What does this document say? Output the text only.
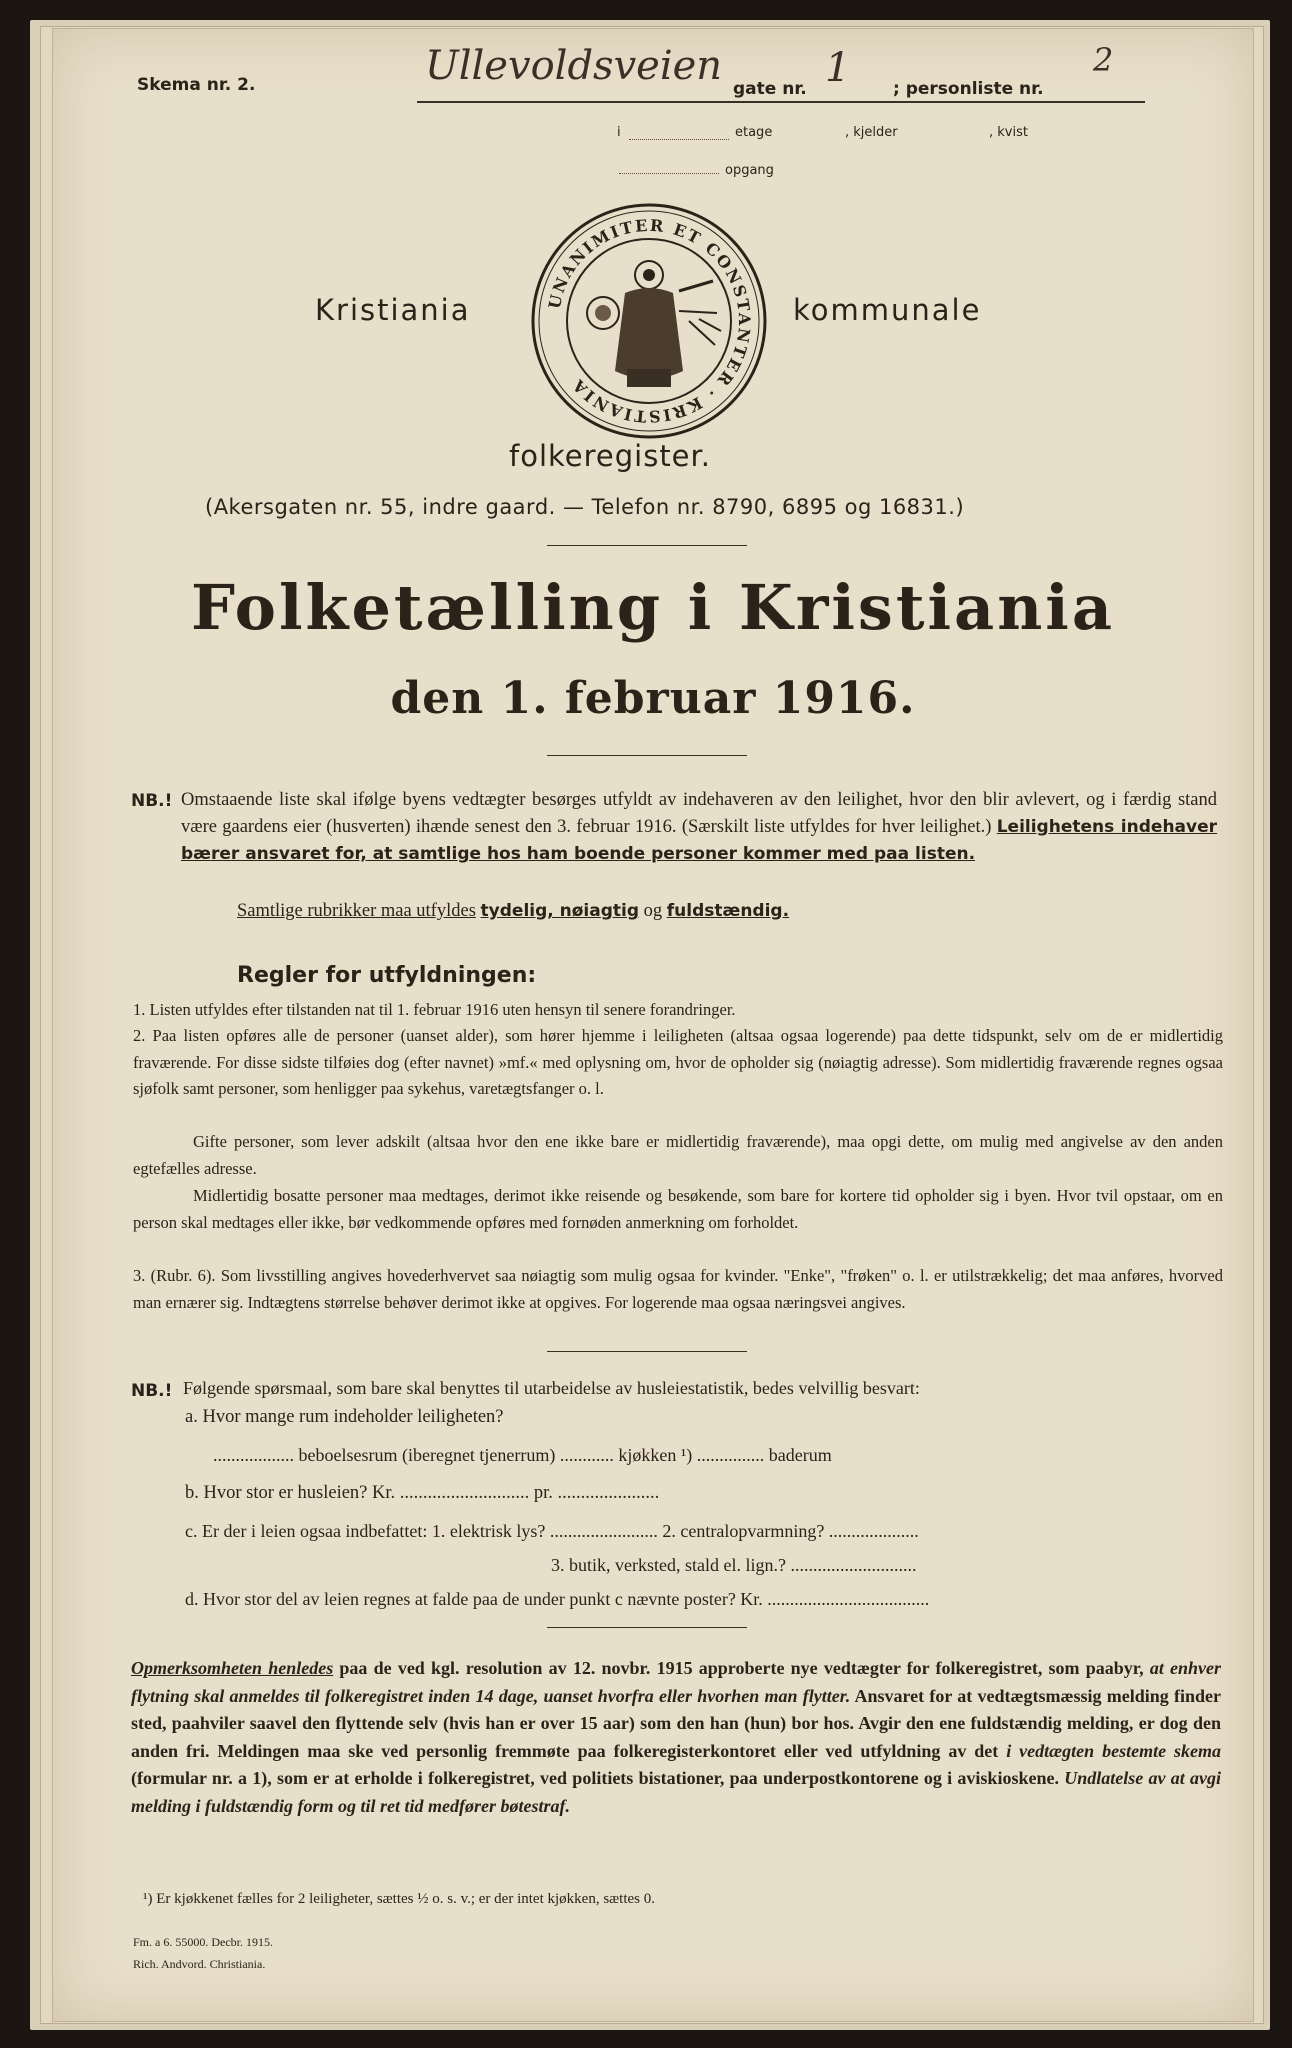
Skema nr. 2.	Ullevoldsveien gate nr. 1	; personliste nr.
2
i	etage	, kjelder	, kvist
opgang
Kristiania	kommunale
UNANIMITER ET CONSTANTER · KRISTIANIA
folkeregister.
(Akersgaten nr. 55, indre gaard. — Telefon nr. 8790, 6895 og 16831.)
Folketælling i Kristiania
den 1. februar 1916.
NB.! Omstaaende liste skal ifølge byens vedtægter besørges utfyldt av indehaveren av den leilighet, hvor den blir avlevert, og i færdig stand være gaardens eier (husverten) ihænde senest den 3. februar 1916. (Særskilt liste utfyldes for hver leilighet.) Leilighetens indehaver bærer ansvaret for, at samtlige hos ham boende personer kommer med paa listen.
Samtlige rubrikker maa utfyldes tydelig, nøiagtig og fuldstændig.
Regler for utfyldningen:
1. Listen utfyldes efter tilstanden nat til 1. februar 1916 uten hensyn til senere forandringer.
2. Paa listen opføres alle de personer (uanset alder), som hører hjemme i leiligheten (altsaa ogsaa logerende) paa dette tidspunkt, selv om de er midlertidig fraværende. For disse sidste tilføies dog (efter navnet) »mf.« med oplysning om, hvor de opholder sig (nøiagtig adresse). Som midlertidig fraværende regnes ogsaa sjøfolk samt personer, som henligger paa sykehus, varetægtsfanger o. l.
Gifte personer, som lever adskilt (altsaa hvor den ene ikke bare er midlertidig fraværende), maa opgi dette, om mulig med angivelse av den anden egtefælles adresse.
Midlertidig bosatte personer maa medtages, derimot ikke reisende og besøkende, som bare for kortere tid opholder sig i byen. Hvor tvil opstaar, om en person skal medtages eller ikke, bør vedkommende opføres med fornøden anmerkning om forholdet.
3. (Rubr. 6). Som livsstilling angives hovederhvervet saa nøiagtig som mulig ogsaa for kvinder. "Enke", "frøken" o. l. er utilstrækkelig; det maa anføres, hvorved man ernærer sig. Indtægtens størrelse behøver derimot ikke at opgives. For logerende maa ogsaa næringsvei angives.
NB.! Følgende spørsmaal, som bare skal benyttes til utarbeidelse av husleiestatistik, bedes velvillig besvart:
a. Hvor mange rum indeholder leiligheten?
.................. beboelsesrum (iberegnet tjenerrum) ............ kjøkken ¹) ............... baderum
b. Hvor stor er husleien? Kr. ............................ pr. ......................
c. Er der i leien ogsaa indbefattet: 1. elektrisk lys? ........................ 2. centralopvarmning? ....................
3. butik, verksted, stald el. lign.? ............................
d. Hvor stor del av leien regnes at falde paa de under punkt c nævnte poster? Kr. ....................................
Opmerksomheten henledes paa de ved kgl. resolution av 12. novbr. 1915 approberte nye vedtægter for folkeregistret, som paabyr, at enhver flytning skal anmeldes til folkeregistret inden 14 dage, uanset hvorfra eller hvorhen man flytter. Ansvaret for at vedtægtsmæssig melding finder sted, paahviler saavel den flyttende selv (hvis han er over 15 aar) som den han (hun) bor hos. Avgir den ene fuldstændig melding, er dog den anden fri. Meldingen maa ske ved personlig fremmøte paa folkeregisterkontoret eller ved utfyldning av det i vedtægten bestemte skema (formular nr. a 1), som er at erholde i folkeregistret, ved politiets bistationer, paa underpostkontorene og i aviskioskene. Undlatelse av at avgi melding i fuldstændig form og til ret tid medfører bøtestraf.
¹) Er kjøkkenet fælles for 2 leiligheter, sættes ½ o. s. v.; er der intet kjøkken, sættes 0.
Fm. a 6. 55000. Decbr. 1915.
Rich. Andvord. Christiania.
